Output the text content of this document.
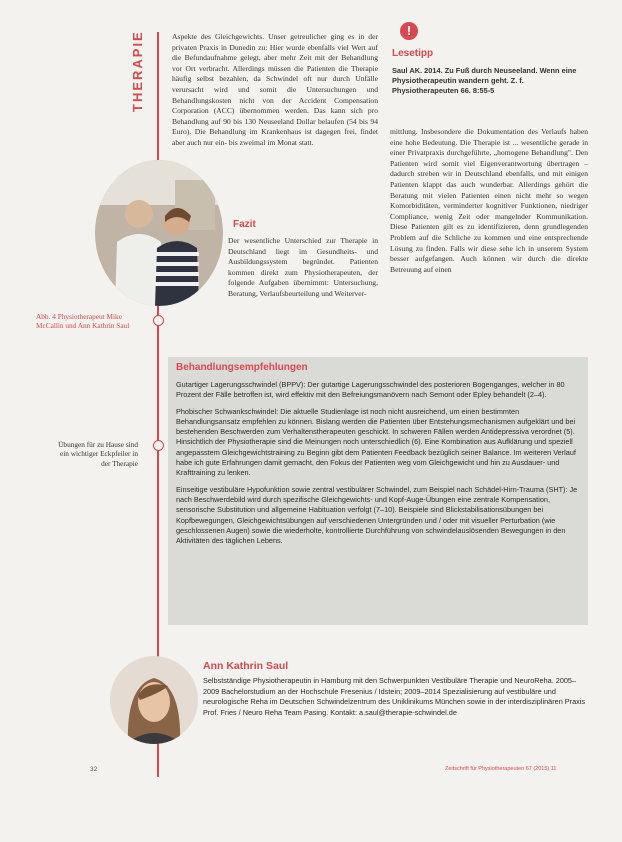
THERAPIE	Aspekte des Gleichgewichts. Unser getreulicher ging es in der privaten Praxis in Dunedin zu: Hier wurde ebenfalls viel Wert auf die Befundaufnahme gelegt, aber mehr Zeit mit der Behandlung vor Ort verbracht. Allerdings müssen die Patienten die Therapie häufig selbst bezahlen, da Schwindel oft nur durch Unfälle verursacht wird und somit die Untersuchungen und Behandlungskosten nicht von der Accident Compensation Corporation (ACC) übernommen werden. Das kann sich pro Behandlung auf 90 bis 130 Neuseeland Dollar belaufen (54 bis 94 Euro). Die Behandlung im Krankenhaus ist dagegen frei, findet aber auch nur ein- bis zweimal im Monat statt.

Fazit

Der wesentliche Unterschied zur Therapie in Deutschland liegt im Gesundheits- und Ausbildungssystem begründet. Patienten kommen direkt zum Physiotherapeuten, der folgende Aufgaben übernimmt: Untersuchung, Beratung, Verlaufsbeurteilung und Weiterver-

Abb. 4 Physiotherapeut Mike McCallin und Ann Kathrin Saul
Übungen für zu Hause sind ein wichtiger Eckpfeiler in der Therapie
!
Lesetipp
Saul AK. 2014. Zu Fuß durch Neuseeland. Wenn eine Physiotherapeutin wandern geht. Z. f. Physiotherapeuten 66. 8:55-5

mittlung. Insbesondere die Dokumentation des Verlaufs haben eine hohe Bedeutung. Die Therapie ist ... wesentliche gerade in einer Privatpraxis durchgeführte, „homogene Behandlung". Den Patienten wird somit viel Eigenverantwortung übertragen – dadurch streben wir in Deutschland ebenfalls, und mit einigen Patienten klappt das auch wunderbar. Allerdings gehört die Beratung mit vielen Patienten einen nicht mehr so wegen Komorbiditäten, verminderter kognitiver Funktionen, niedriger Compliance, wenig Zeit oder mangelnder Kommunikation. Diese Patienten gilt es zu identifizieren, denn grundlegenden Problem auf die Schliche zu kommen und eine entsprechende Lösung zu finden. Falls wir diese sehe ich in unserem System besser aufgefangen. Auch können wir durch die direkte Betreuung auf einen

Behandlungsempfehlungen

Gutartiger Lagerungsschwindel (BPPV): Der gutartige Lagerungsschwindel des posterioren Bogenganges, welcher in 80 Prozent der Fälle betroffen ist, wird effektiv mit den Befreiungsmanövern nach Semont oder Epley behandelt (2–4).

Phobischer Schwankschwindel: Die aktuelle Studienlage ist noch nicht ausreichend, um einen bestimmten Behandlungsansatz empfehlen zu können. Bislang werden die Patienten über Entstehungsmechanismen aufgeklärt und bei bestehenden Beschwerden zum Verhaltenstherapeuten geschickt. In schweren Fällen werden Antidepressiva verordnet (5). Hinsichtlich der Physiotherapie sind die Meinungen noch unterschiedlich (6). Eine Kombination aus Aufklärung und speziell angepasstem Gleichgewichtstraining zu Beginn gibt dem Patienten Feedback bezüglich seiner Balance. Im weiteren Verlauf habe ich gute Erfahrungen damit gemacht, den Fokus der Patienten weg vom Gleichgewicht und hin zu Ausdauer- und Krafttraining zu lenken.

Einseitige vestibuläre Hypofunktion sowie zentral vestibulärer Schwindel, zum Beispiel nach Schädel-Hirn-Trauma (SHT): Je nach Beschwerdebild wird durch spezifische Gleichgewichts- und Kopf-Auge-Übungen eine zentrale Kompensation, sensorische Substitution und allgemeine Habituation verfolgt (7–10). Beispiele sind Blickstabilisationsübungen bei Kopfbewegungen, Gleichgewichtsübungen auf verschiedenen Untergründen und / oder mit visueller Perturbation (wie geschlossenen Augen) sowie die wiederholte, kontrollierte Durchführung von schwindelauslösenden Bewegungen in den Aktivitäten des täglichen Lebens.

Ann Kathrin Saul
Selbstständige Physiotherapeutin in Hamburg mit den Schwerpunkten Vestibuläre Therapie und NeuroReha. 2005–2009 Bachelorstudium an der Hochschule Fresenius / Idstein; 2009–2014 Spezialisierung auf vestibuläre und neurologische Reha im Deutschen Schwindelzentrum des Uniklinikums München sowie in der interdisziplinären Praxis Prof. Fries / Neuro Reha Team Pasing. Kontakt: a.saul@therapie-schwindel.de
32	Zeitschrift für Physiotherapeuten 67 (2015) 11
